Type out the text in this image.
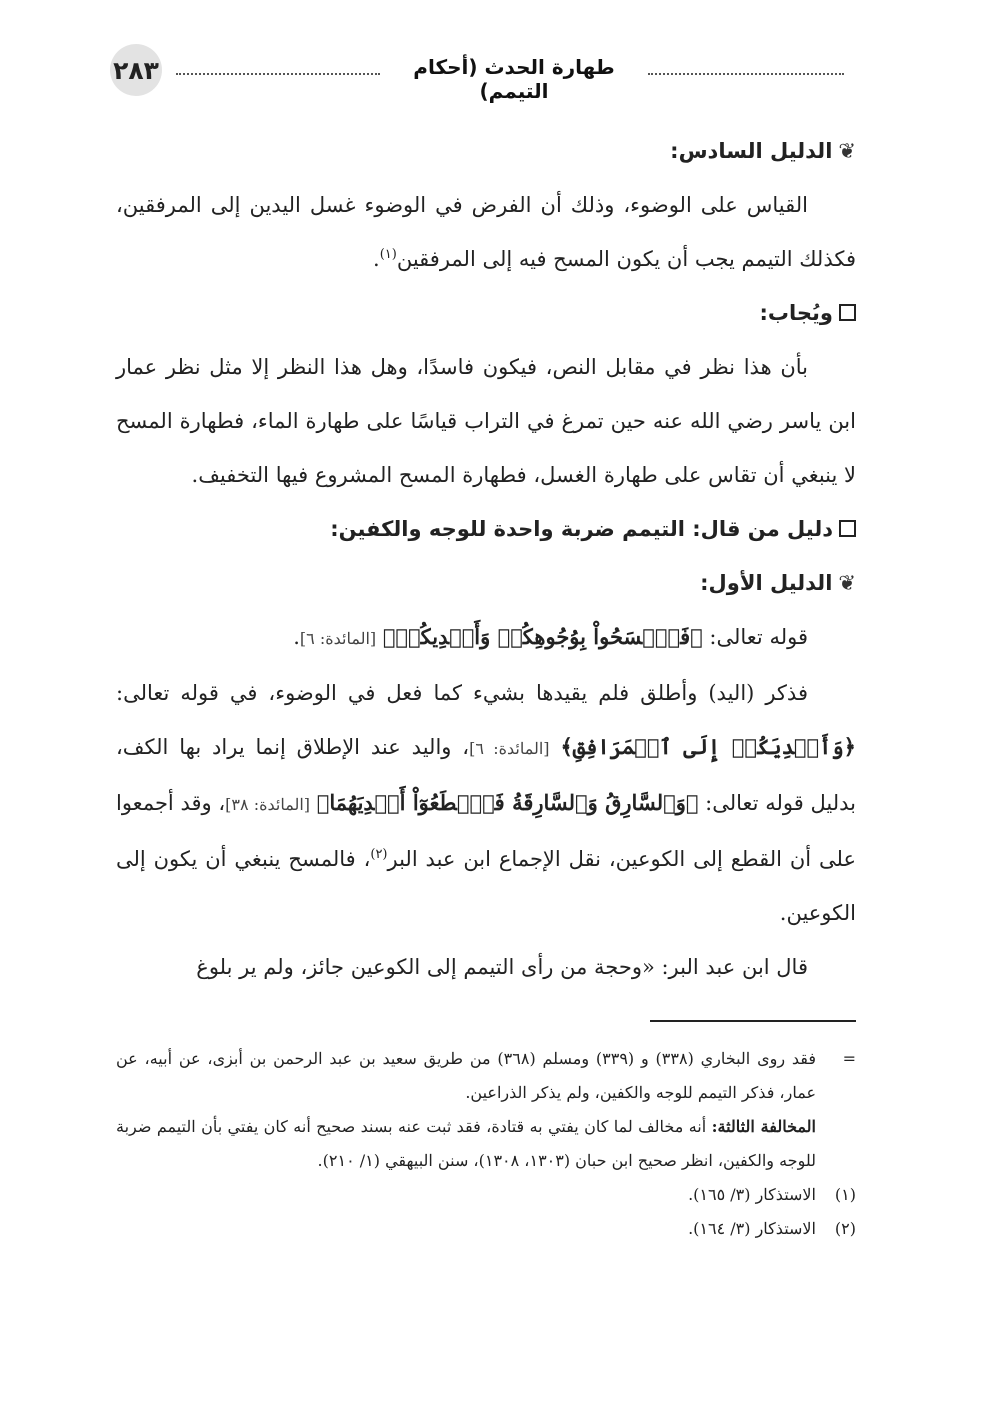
٢٨٣	طهارة الحدث (أحكام التيمم)

❦الدليل السادس:

القياس على الوضوء، وذلك أن الفرض في الوضوء غسل اليدين إلى المرفقين، فكذلك التيمم يجب أن يكون المسح فيه إلى المرفقين$^{(١)}$.

ويُجاب:

بأن هذا نظر في مقابل النص، فيكون فاسدًا، وهل هذا النظر إلا مثل نظر عمار ابن ياسر رضي الله عنه حين تمرغ في التراب قياسًا على طهارة الماء، فطهارة المسح لا ينبغي أن تقاس على طهارة الغسل، فطهارة المسح المشروع فيها التخفيف.

دليل من قال: التيمم ضربة واحدة للوجه والكفين:

❦الدليل الأول:

قوله تعالى: ﴿فَٱمۡسَحُواْ بِوُجُوهِكُمۡ وَأَيۡدِيكُمۡ﴾ [المائدة: ٦].

فذكر (اليد) وأطلق فلم يقيدها بشيء كما فعل في الوضوء، في قوله تعالى: ﴿وَأَيۡدِيَكُمۡ إِلَى ٱلۡمَرَافِقِ﴾ [المائدة: ٦]، واليد عند الإطلاق إنما يراد بها الكف، بدليل قوله تعالى: ﴿وَٱلسَّارِقُ وَٱلسَّارِقَةُ فَٱقۡطَعُوٓاْ أَيۡدِيَهُمَا﴾ [المائدة: ٣٨]، وقد أجمعوا على أن القطع إلى الكوعين، نقل الإجماع ابن عبد البر$^{(٢)}$، فالمسح ينبغي أن يكون إلى الكوعين.

قال ابن عبد البر: «وحجة من رأى التيمم إلى الكوعين جائز، ولم ير بلوغ

=

فقد روى البخاري (٣٣٨) و (٣٣٩) ومسلم (٣٦٨) من طريق سعيد بن عبد الرحمن بن أبزى، عن أبيه، عن عمار، فذكر التيمم للوجه والكفين، ولم يذكر الذراعين.

المخالفة الثالثة: أنه مخالف لما كان يفتي به قتادة، فقد ثبت عنه بسند صحيح أنه كان يفتي بأن التيمم ضربة للوجه والكفين، انظر صحيح ابن حبان (١٣٠٣، ١٣٠٨)، سنن البيهقي (١/ ٢١٠).

(١)
الاستذكار (٣/ ١٦٥).
(٢)
الاستذكار (٣/ ١٦٤).
